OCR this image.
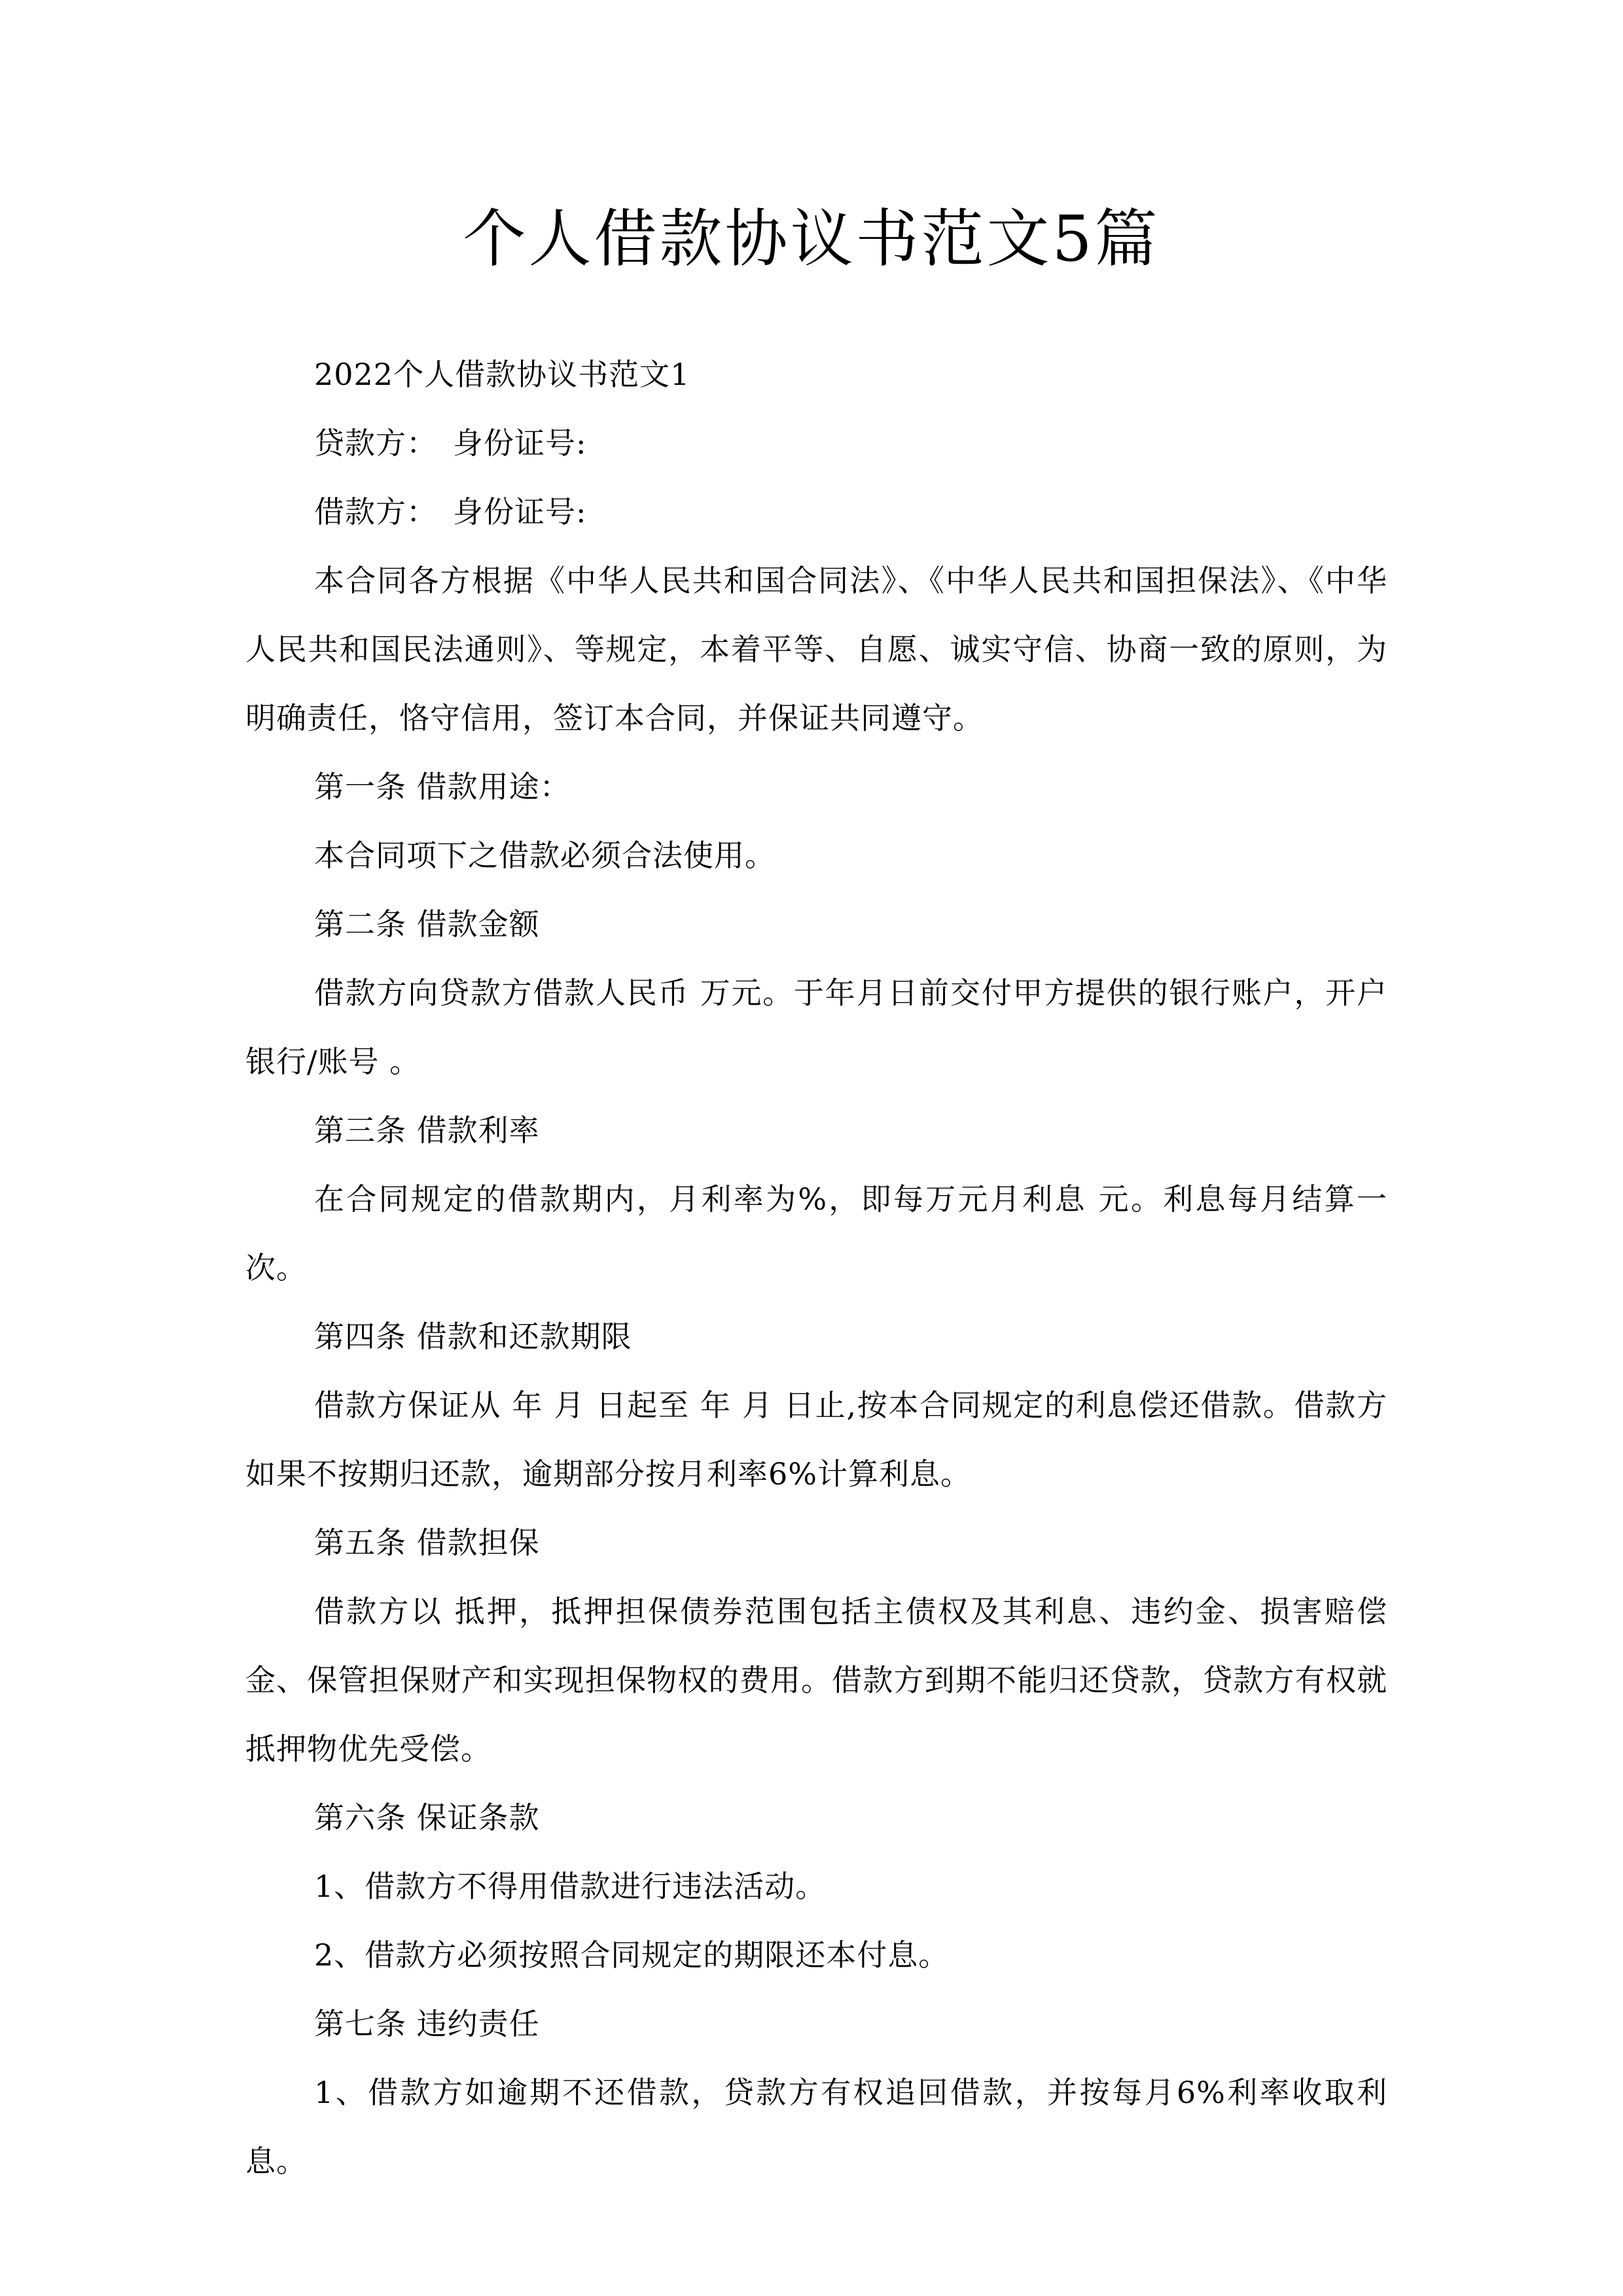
个人借款协议书范文5篇

2022个人借款协议书范文1

贷款方：　身份证号:

借款方：　身份证号:

本合同各方根据《中华人民共和国合同法》、《中华人民共和国担保法》、《中华人民共和国民法通则》、等规定，本着平等、自愿、诚实守信、协商一致的原则，为明确责任，恪守信用，签订本合同，并保证共同遵守。

第一条 借款用途：

本合同项下之借款必须合法使用。

第二条 借款金额

借款方向贷款方借款人民币 万元。于年月日前交付甲方提供的银行账户，开户银行/账号 。

第三条 借款利率

在合同规定的借款期内，月利率为%，即每万元月利息 元。利息每月结算一次。

第四条 借款和还款期限

借款方保证从 年 月 日起至 年 月 日止,按本合同规定的利息偿还借款。借款方如果不按期归还款，逾期部分按月利率6%计算利息。

第五条 借款担保

借款方以 抵押，抵押担保债券范围包括主债权及其利息、违约金、损害赔偿金、保管担保财产和实现担保物权的费用。借款方到期不能归还贷款，贷款方有权就抵押物优先受偿。

第六条 保证条款

1、借款方不得用借款进行违法活动。

2、借款方必须按照合同规定的期限还本付息。

第七条 违约责任

1、借款方如逾期不还借款，贷款方有权追回借款，并按每月6%利率收取利息。
